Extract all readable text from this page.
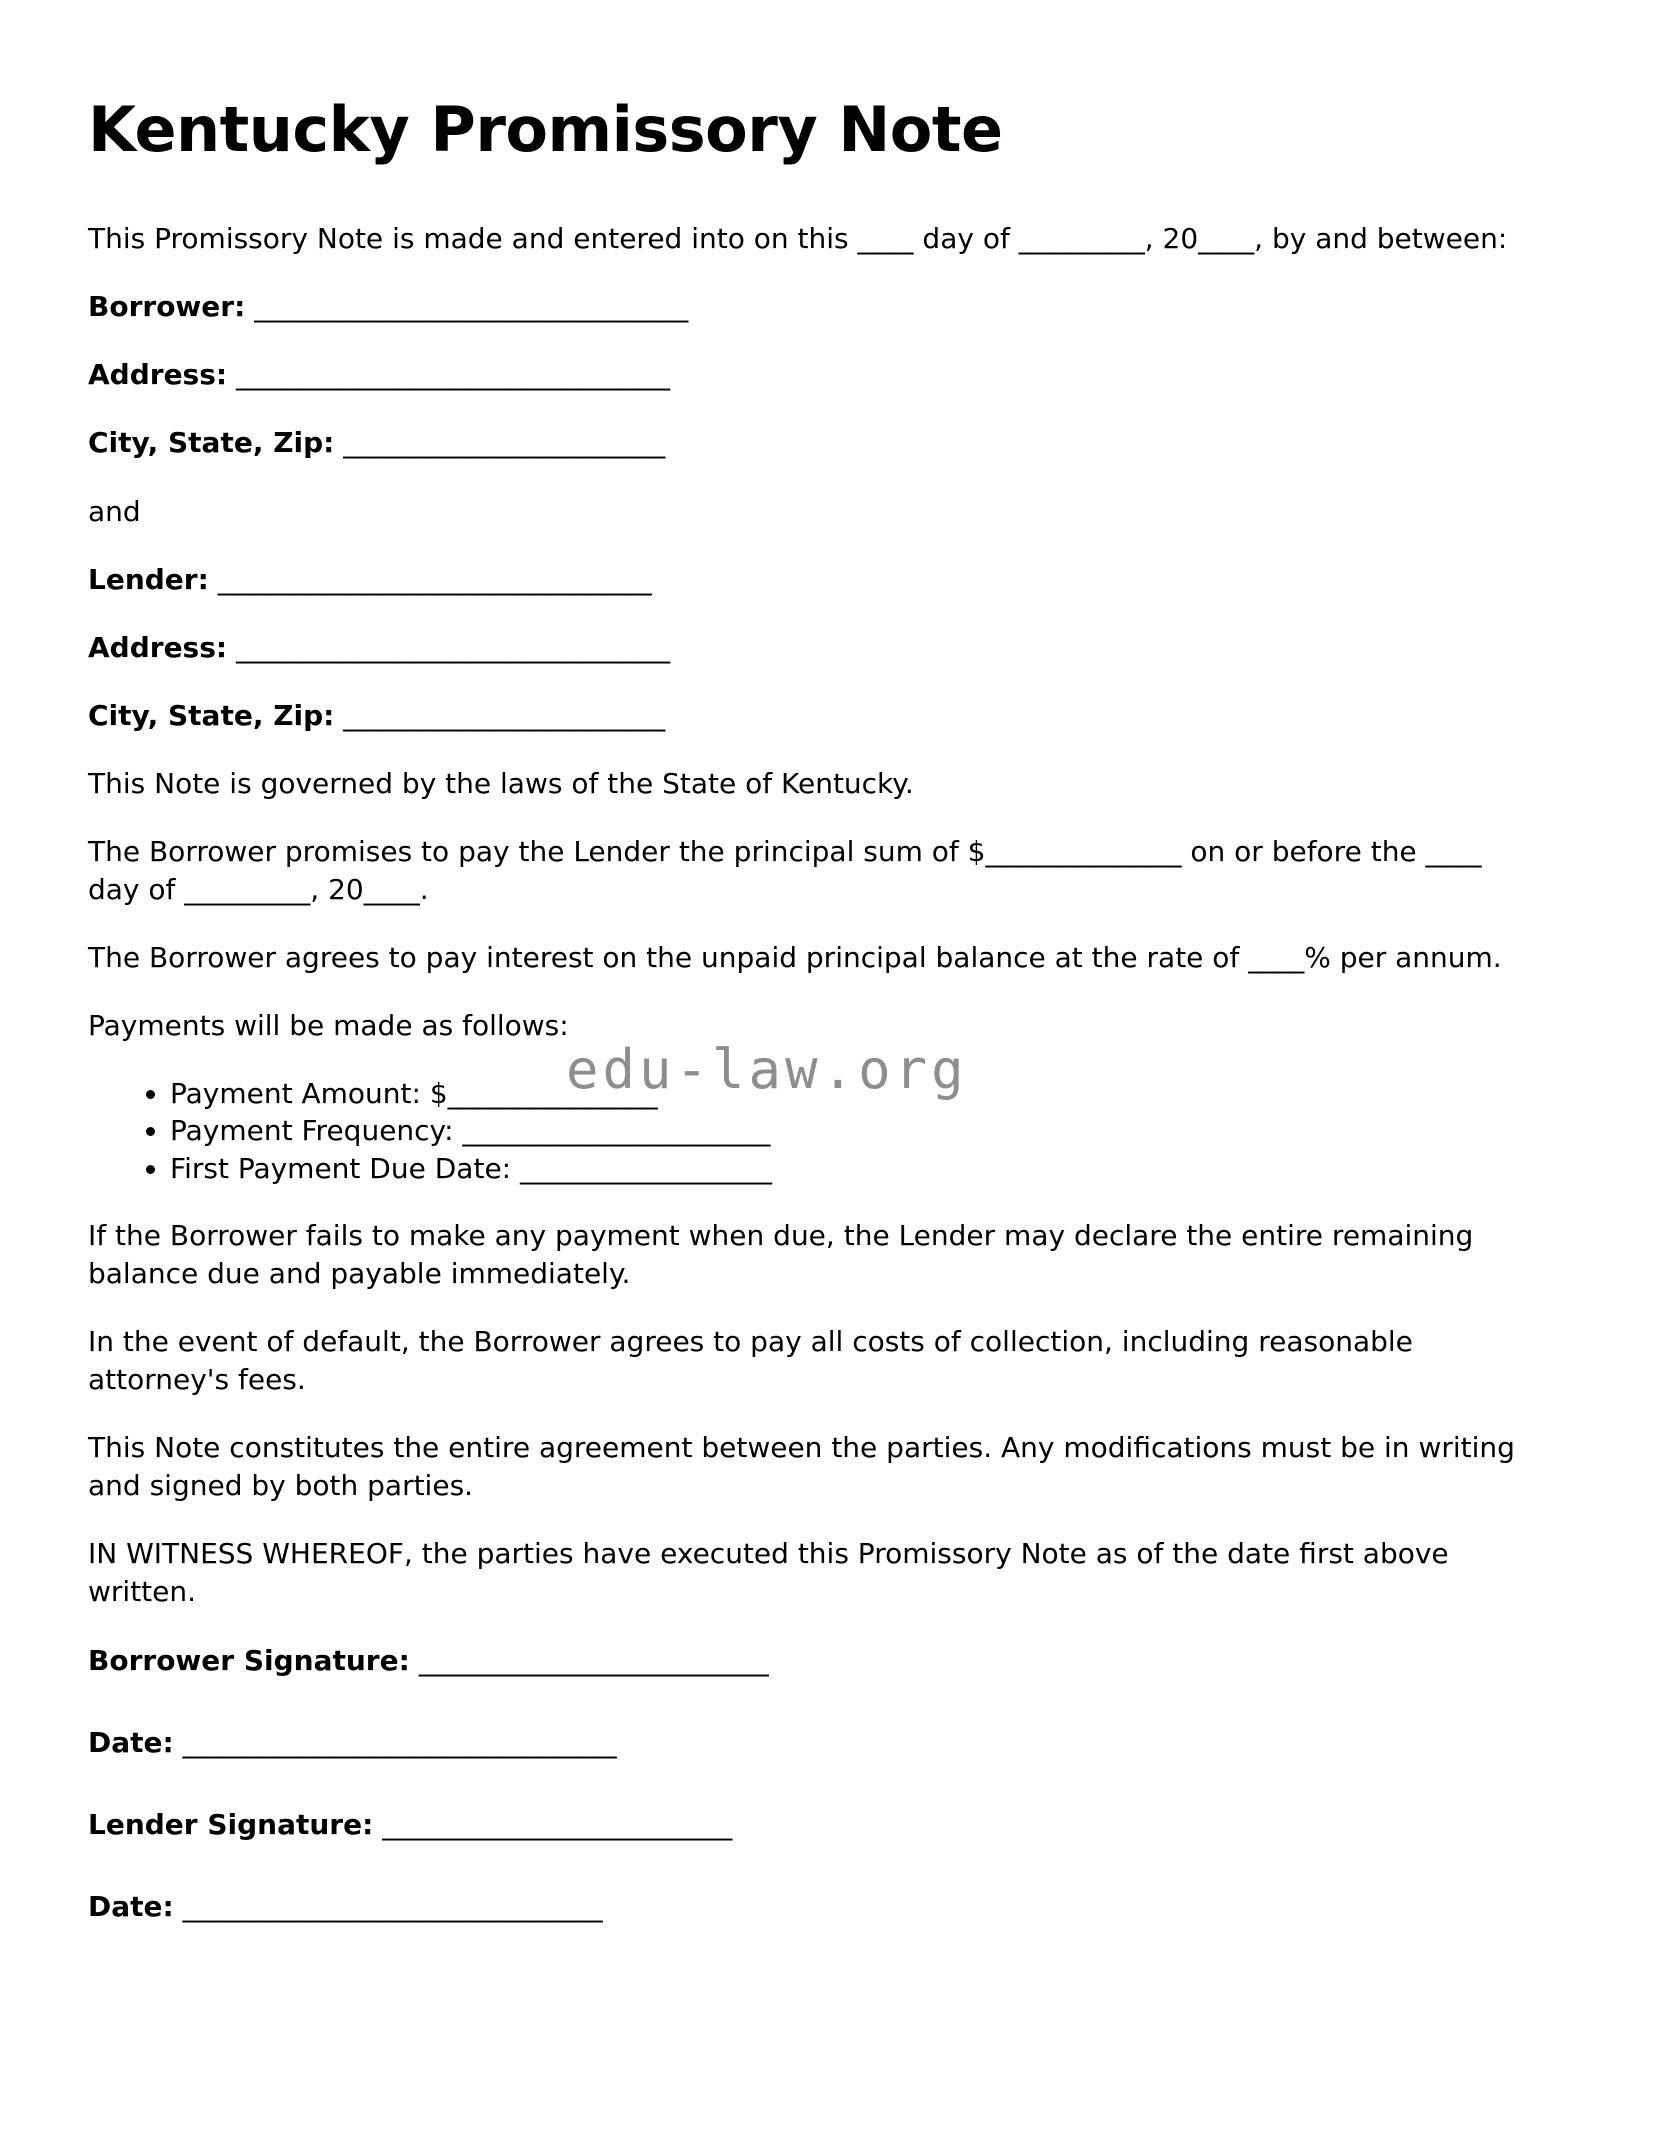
Kentucky Promissory Note

This Promissory Note is made and entered into on this ____ day of _________, 20____, by and between:

Borrower: _______________________________

Address: _______________________________

City, State, Zip: _______________________

and

Lender: _______________________________

Address: _______________________________

City, State, Zip: _______________________

This Note is governed by the laws of the State of Kentucky.

The Borrower promises to pay the Lender the principal sum of $______________ on or before the ____ day of _________, 20____.

The Borrower agrees to pay interest on the unpaid principal balance at the rate of ____% per annum.

Payments will be made as follows:

• Payment Amount: $_______________
• Payment Frequency: ______________________
• First Payment Due Date: __________________

If the Borrower fails to make any payment when due, the Lender may declare the entire remaining balance due and payable immediately.

In the event of default, the Borrower agrees to pay all costs of collection, including reasonable attorney's fees.

This Note constitutes the entire agreement between the parties. Any modifications must be in writing and signed by both parties.

IN WITNESS WHEREOF, the parties have executed this Promissory Note as of the date first above written.

Borrower Signature: _________________________

Date: _______________________________

Lender Signature: _________________________

Date: ______________________________

edu-law.org
